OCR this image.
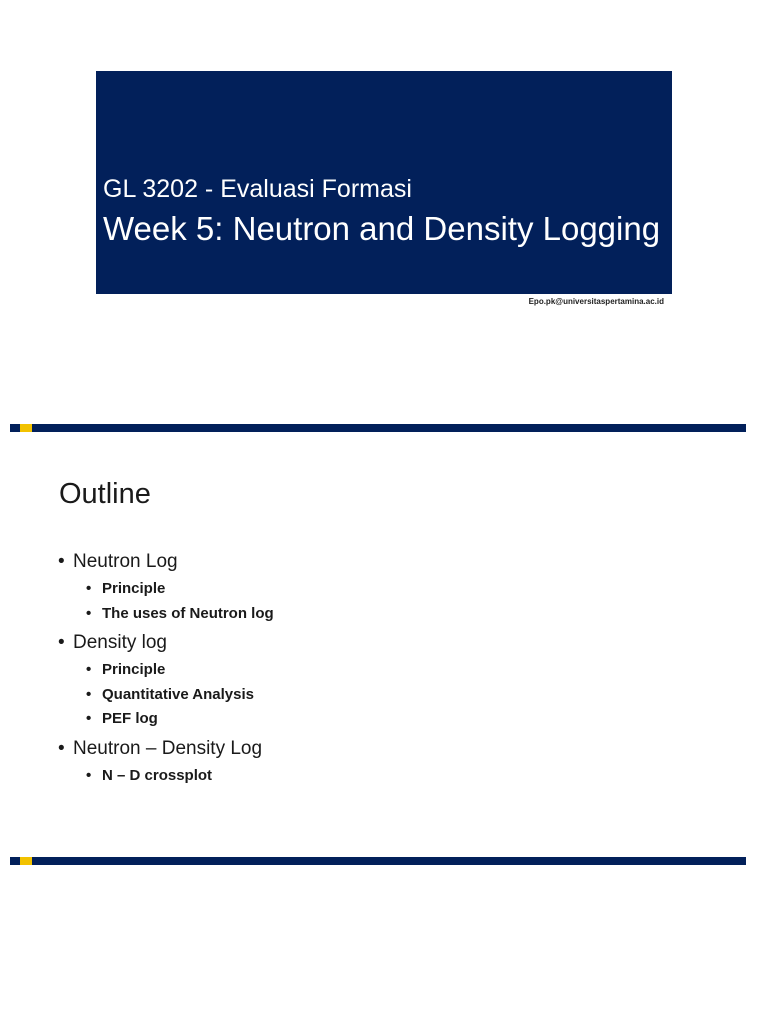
GL 3202 - Evaluasi Formasi
Week 5: Neutron and Density Logging
Epo.pk@universitaspertamina.ac.id
Outline
• Neutron Log
• Principle
• The uses of Neutron log
• Density log
• Principle
• Quantitative Analysis
• PEF log
• Neutron – Density Log
• N – D crossplot
